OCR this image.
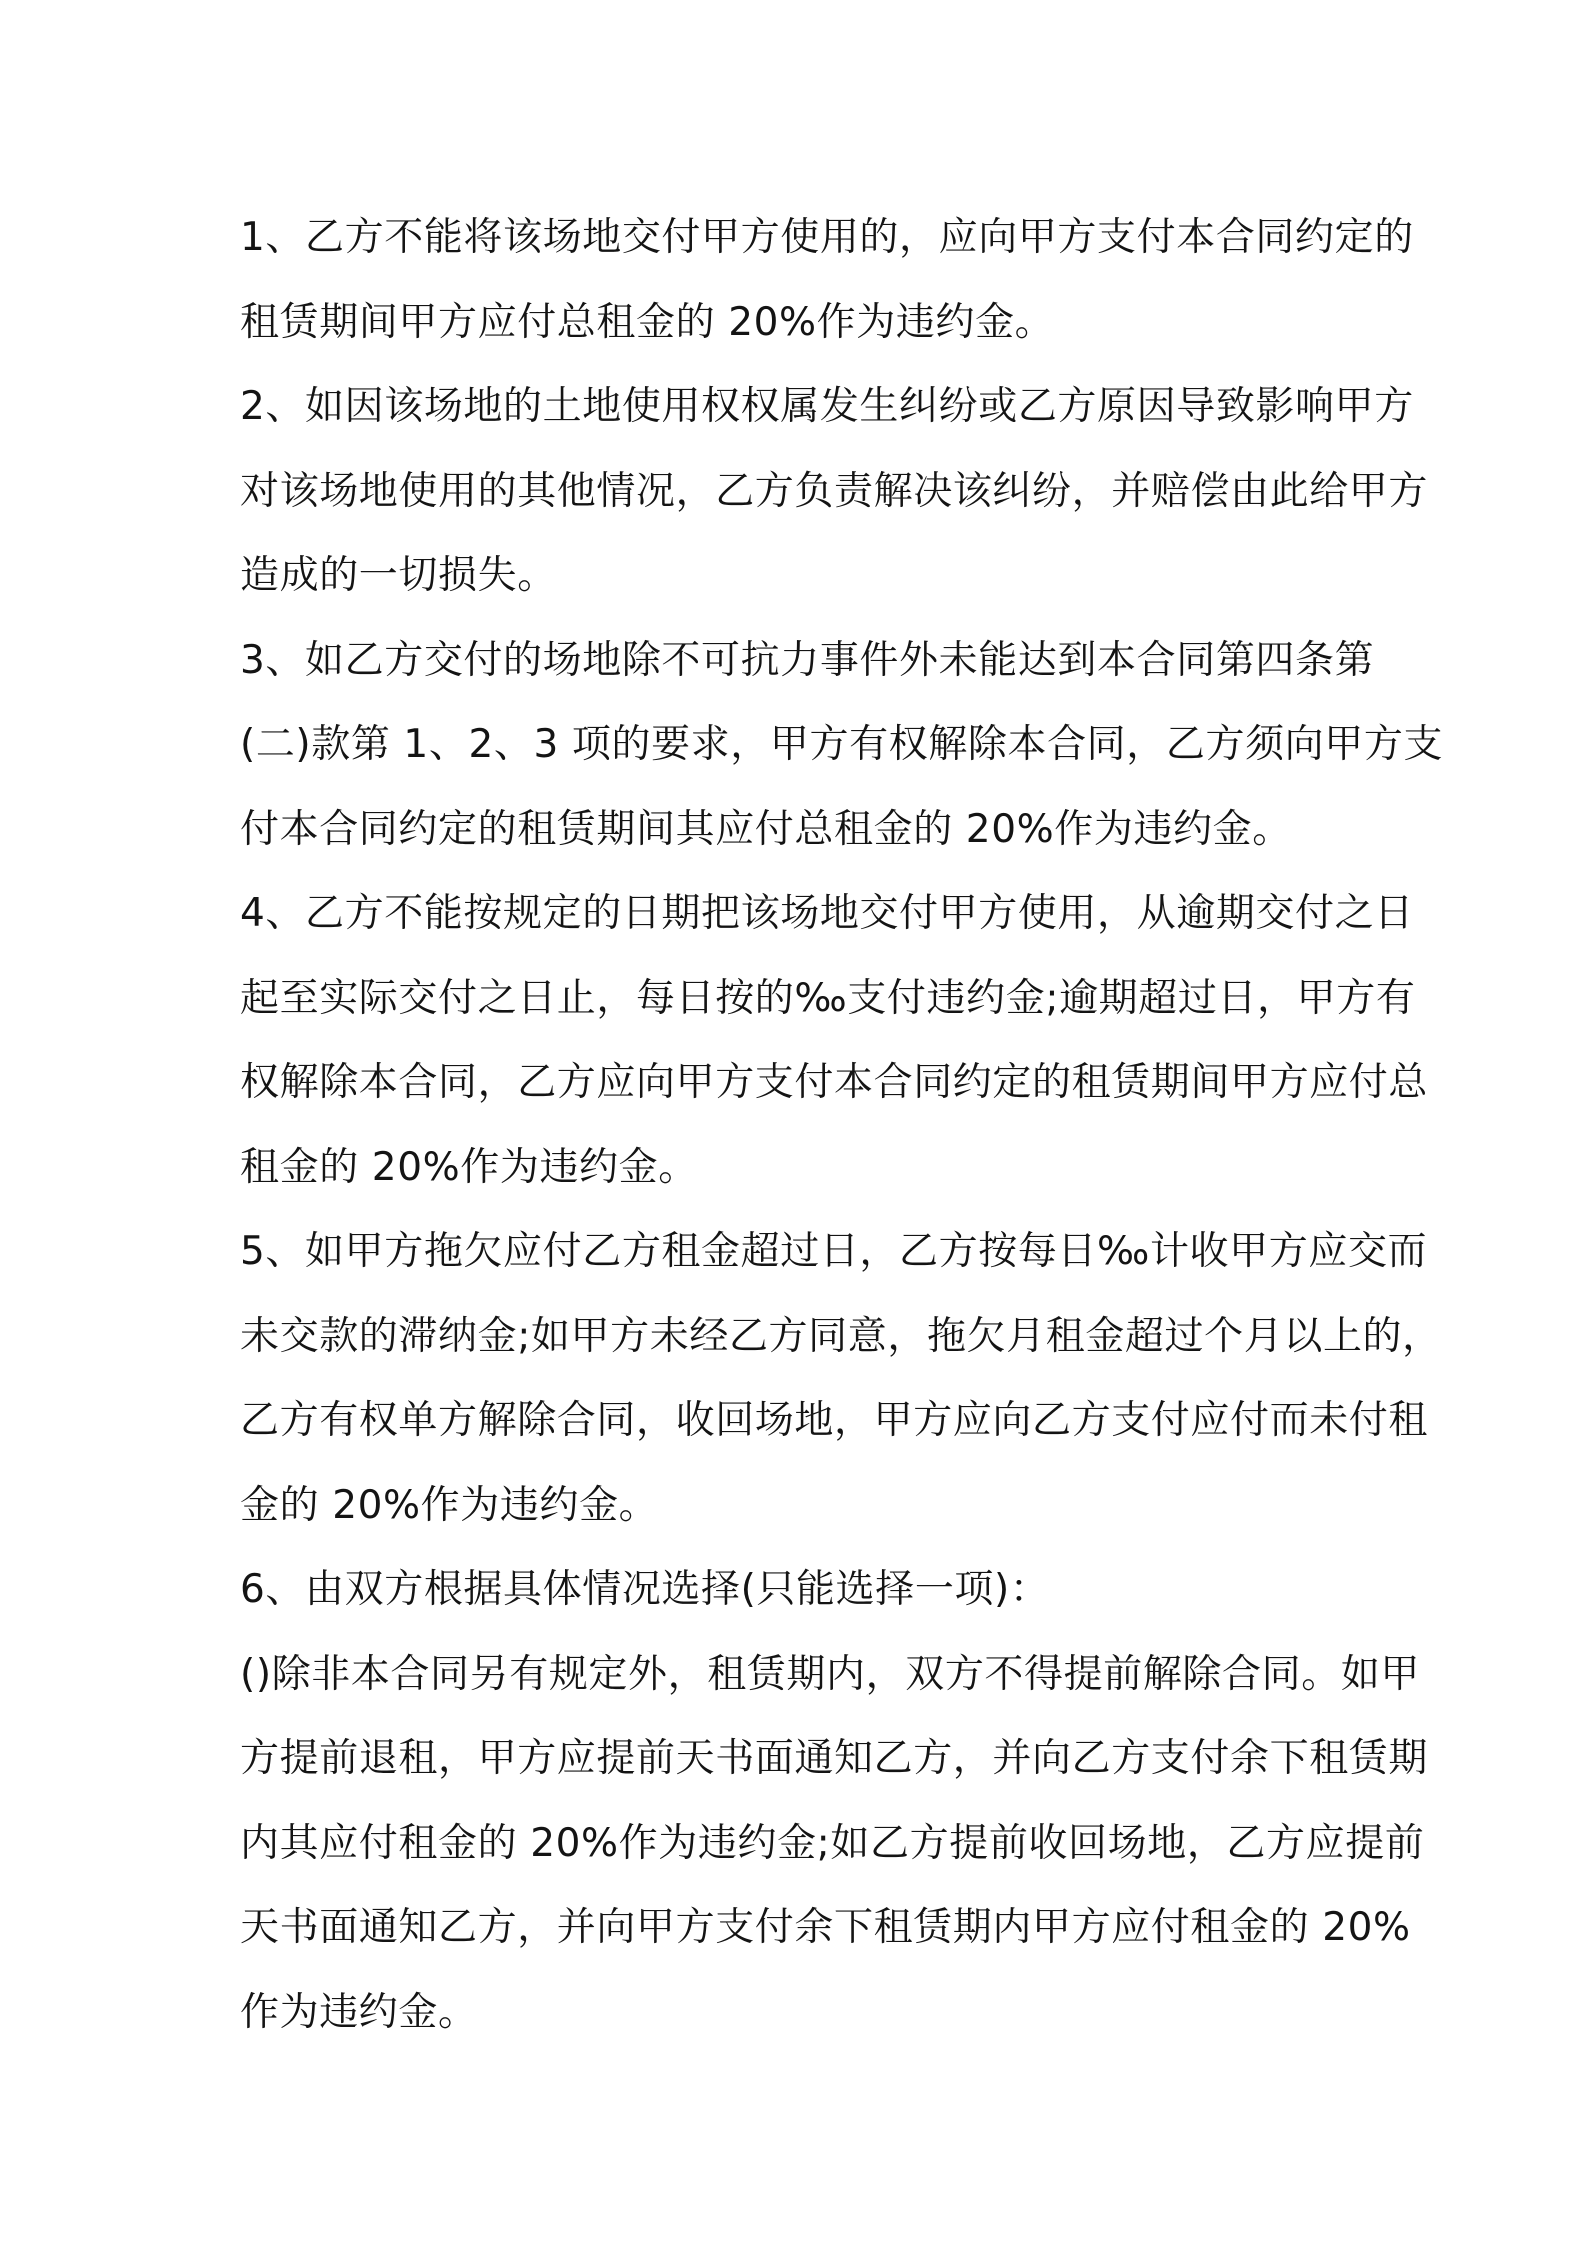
1、乙方不能将该场地交付甲方使用的，应向甲方支付本合同约定的
租赁期间甲方应付总租金的 20%作为违约金。
2、如因该场地的土地使用权权属发生纠纷或乙方原因导致影响甲方
对该场地使用的其他情况，乙方负责解决该纠纷，并赔偿由此给甲方
造成的一切损失。
3、如乙方交付的场地除不可抗力事件外未能达到本合同第四条第
(二)款第 1、2、3 项的要求，甲方有权解除本合同，乙方须向甲方支
付本合同约定的租赁期间其应付总租金的 20%作为违约金。
4、乙方不能按规定的日期把该场地交付甲方使用，从逾期交付之日
起至实际交付之日止，每日按的‰支付违约金;逾期超过日，甲方有
权解除本合同，乙方应向甲方支付本合同约定的租赁期间甲方应付总
租金的 20%作为违约金。
5、如甲方拖欠应付乙方租金超过日，乙方按每日‰计收甲方应交而
未交款的滞纳金;如甲方未经乙方同意，拖欠月租金超过个月以上的，
乙方有权单方解除合同，收回场地，甲方应向乙方支付应付而未付租
金的 20%作为违约金。
6、由双方根据具体情况选择(只能选择一项)：
()除非本合同另有规定外，租赁期内，双方不得提前解除合同。如甲
方提前退租，甲方应提前天书面通知乙方，并向乙方支付余下租赁期
内其应付租金的 20%作为违约金;如乙方提前收回场地，乙方应提前
天书面通知乙方，并向甲方支付余下租赁期内甲方应付租金的 20%
作为违约金。
